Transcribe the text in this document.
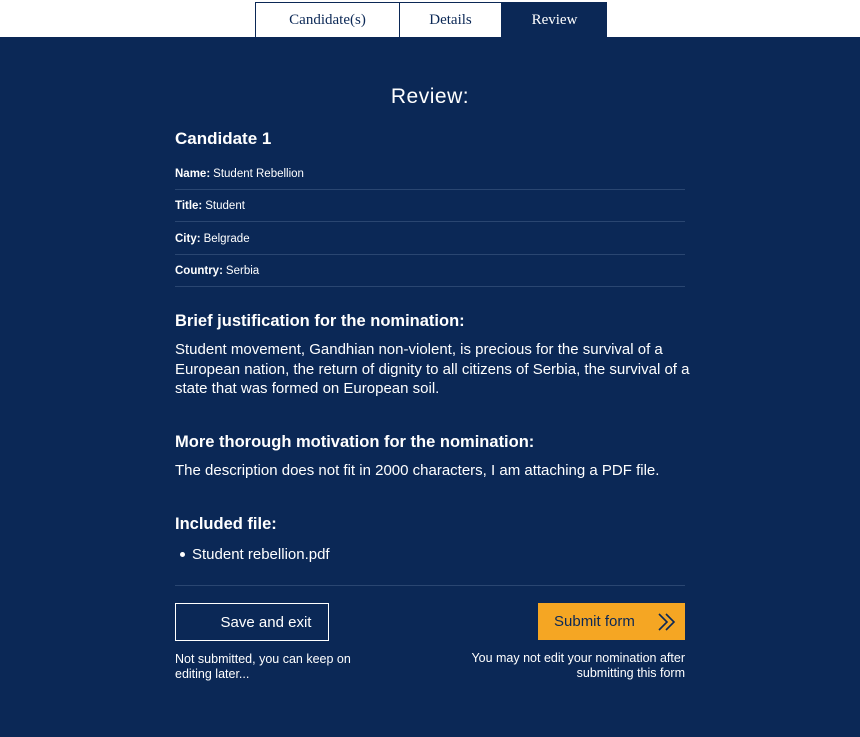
Candidate(s)	Details	Review
Review:
Candidate 1
Name: Student Rebellion
Title: Student
City: Belgrade
Country: Serbia
Brief justification for the nomination:
Student movement, Gandhian non-violent, is precious for the survival of a European nation, the return of dignity to all citizens of Serbia, the survival of a state that was formed on European soil.
More thorough motivation for the nomination:
The description does not fit in 2000 characters, I am attaching a PDF file.
Included file:
Student rebellion.pdf
Save and exit	Submit form
Not submitted, you can keep on editing later...
You may not edit your nomination after submitting this form
